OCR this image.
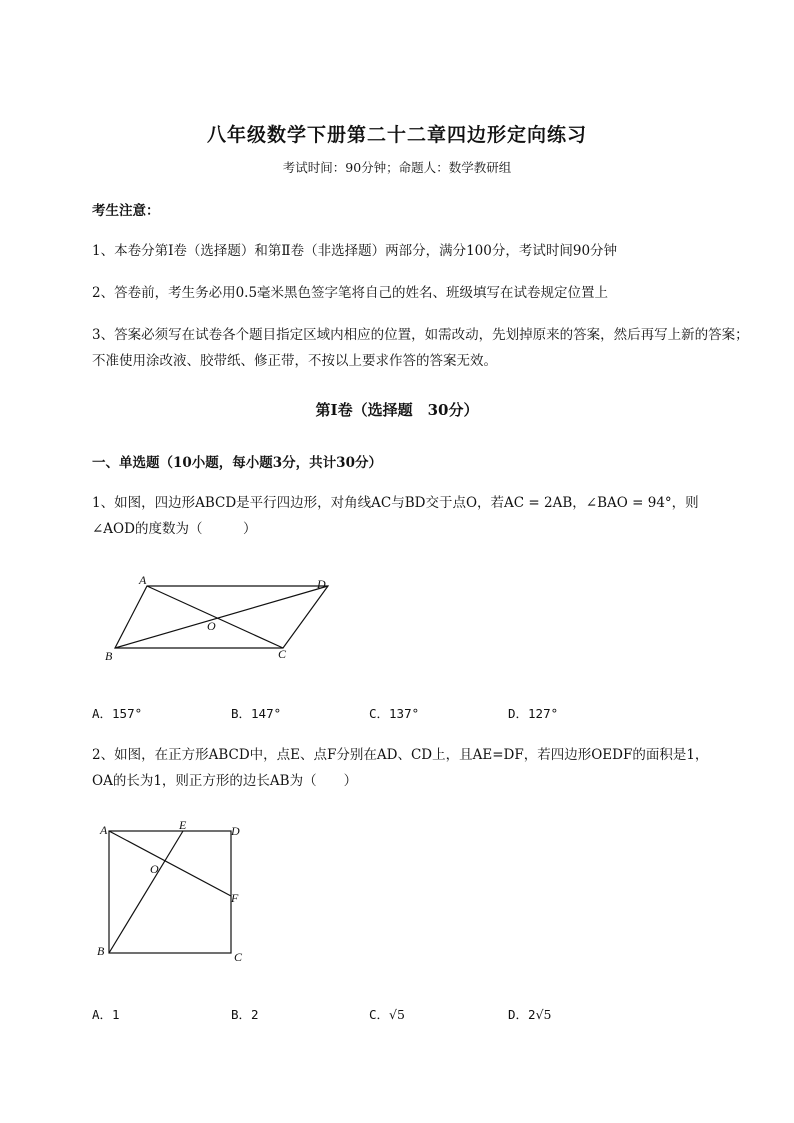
八年级数学下册第二十二章四边形定向练习
考试时间：90分钟；命题人：数学教研组
考生注意：
1、本卷分第I卷（选择题）和第Ⅱ卷（非选择题）两部分，满分100分，考试时间90分钟
2、答卷前，考生务必用0.5毫米黑色签字笔将自己的姓名、班级填写在试卷规定位置上
3、答案必须写在试卷各个题目指定区域内相应的位置，如需改动，先划掉原来的答案，然后再写上新的答案；不准使用涂改液、胶带纸、修正带，不按以上要求作答的答案无效。
第I卷（选择题　30分）
一、单选题（10小题，每小题3分，共计30分）
1、如图，四边形ABCD是平行四边形，对角线AC与BD交于点O，若AC = 2AB，∠BAO = 94°，则
∠AOD的度数为（　　　）
A	D
B	C
O
A．157°	B．147°	C．137°	D．127°
2、如图，在正方形ABCD中，点E、点F分别在AD、CD上，且AE=DF，若四边形OEDF的面积是1，
OA的长为1，则正方形的边长AB为（　　）
A	E	D
O
F
B	C
A．1	B．2	C．√5	D．2√5
